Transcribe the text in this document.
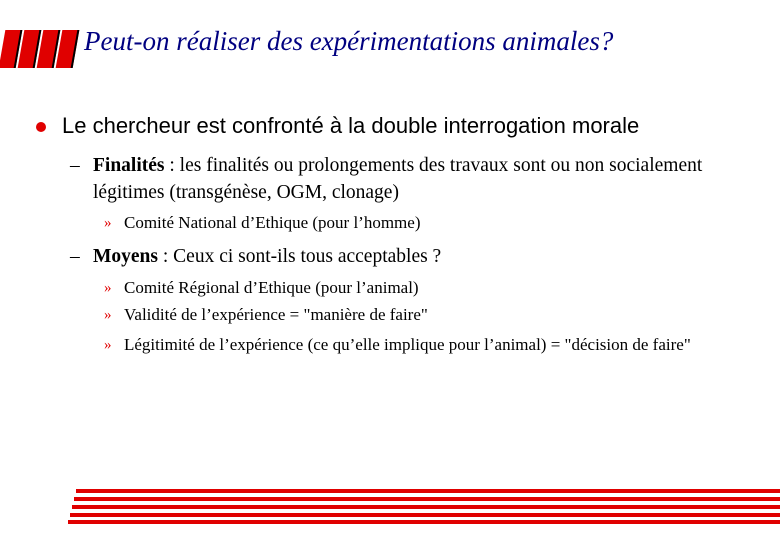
Peut-on réaliser des expérimentations animales?
Le chercheur est confronté à la double interrogation morale
– Finalités : les finalités ou prolongements des travaux sont ou non socialement légitimes (transgénèse, OGM, clonage)
» Comité National d’Ethique (pour l’homme)
– Moyens : Ceux ci sont-ils tous acceptables ?
» Comité Régional d’Ethique (pour l’animal)
» Validité de l’expérience = "manière de faire"
» Légitimité de l’expérience (ce qu’elle implique pour l’animal) = "décision de faire"
